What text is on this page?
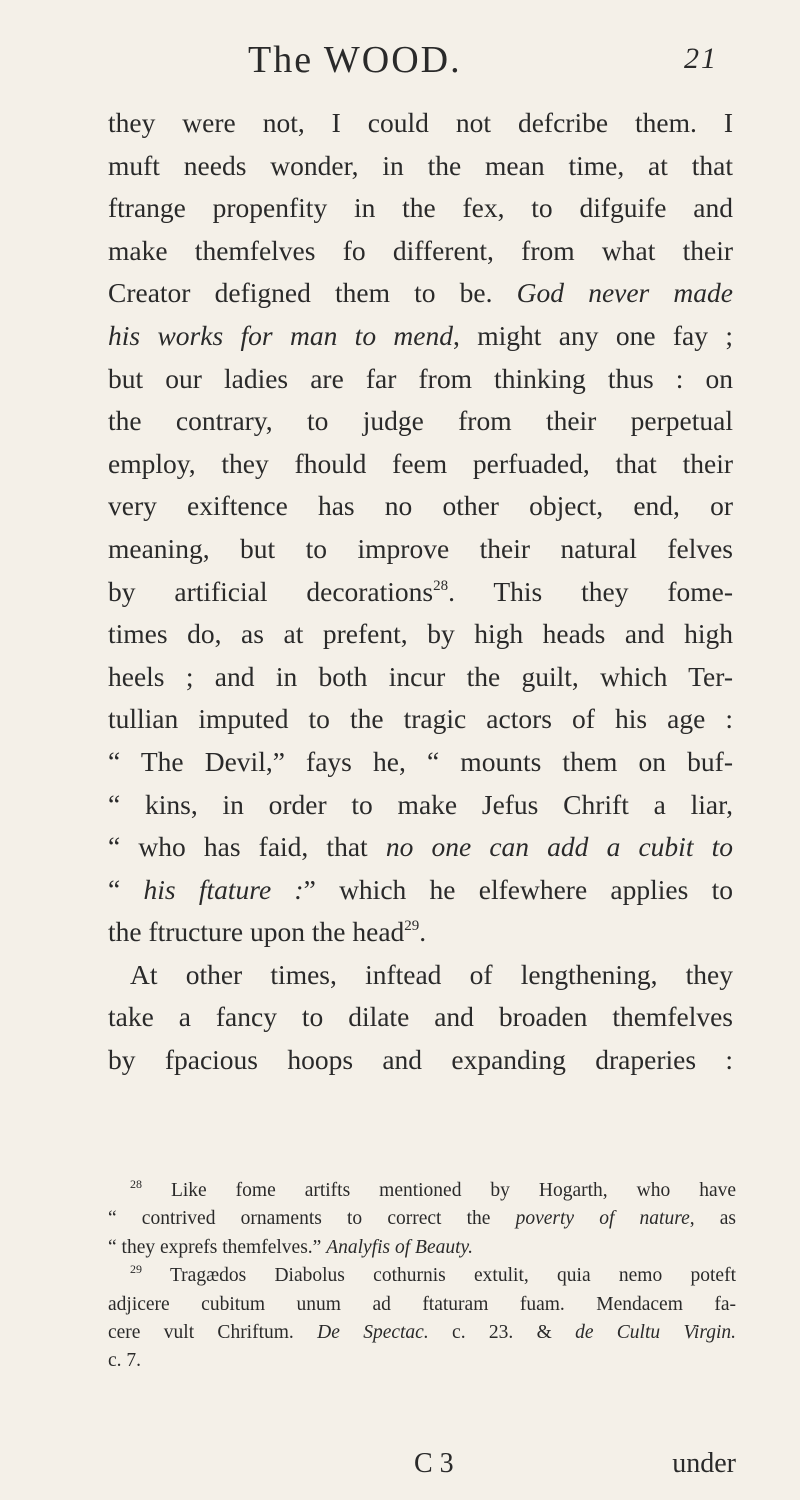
The WOOD.	21
they were not, I could not defcribe them. I
muft needs wonder, in the mean time, at that
ftrange propenfity in the fex, to difguife and
make themfelves fo different, from what their
Creator defigned them to be. God never made
his works for man to mend, might any one fay ;
but our ladies are far from thinking thus : on
the contrary, to judge from their perpetual
employ, they fhould feem perfuaded, that their
very exiftence has no other object, end, or
meaning, but to improve their natural felves
by artificial decorations$^{28}$. This they fome-
times do, as at prefent, by high heads and high
heels ; and in both incur the guilt, which Ter-
tullian imputed to the tragic actors of his age :
“ The Devil,” fays he, “ mounts them on buf-
“ kins, in order to make Jefus Chrift a liar,
“ who has faid, that no one can add a cubit to
“ his ftature :” which he elfewhere applies to
the ftructure upon the head$^{29}$.
At other times, inftead of lengthening, they
take a fancy to dilate and broaden themfelves
by fpacious hoops and expanding draperies :
$^{28}$ Like fome artifts mentioned by Hogarth, who have
“ contrived ornaments to correct the poverty of nature, as
“ they exprefs themfelves.” Analyfis of Beauty.
$^{29}$ Tragædos Diabolus cothurnis extulit, quia nemo poteft
adjicere cubitum unum ad ftaturam fuam. Mendacem fa-
cere vult Chriftum. De Spectac. c. 23. & de Cultu Virgin.
c. 7.
C 3	under
